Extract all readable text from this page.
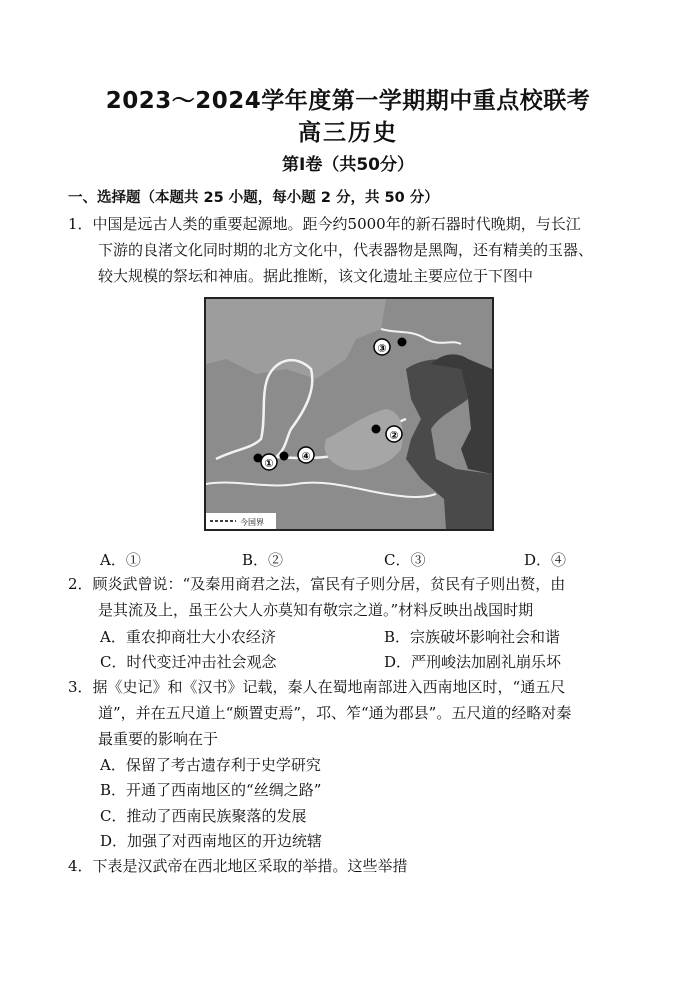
2023～2024学年度第一学期期中重点校联考
高三历史
第Ⅰ卷（共50分）
一、选择题（本题共 25 小题，每小题 2 分，共 50 分）
1．中国是远古人类的重要起源地。距今约5000年的新石器时代晚期，与长江
下游的良渚文化同时期的北方文化中，代表器物是黑陶，还有精美的玉器、
较大规模的祭坛和神庙。据此推断，该文化遗址主要应位于下图中
③
②
①
④
今国界
A．①	B．②	C．③	D．④
2．顾炎武曾说：“及秦用商君之法，富民有子则分居，贫民有子则出赘，由
是其流及上，虽王公大人亦莫知有敬宗之道。”材料反映出战国时期
A．重农抑商壮大小农经济	B．宗族破坏影响社会和谐
C．时代变迁冲击社会观念	D．严刑峻法加剧礼崩乐坏
3．据《史记》和《汉书》记载，秦人在蜀地南部进入西南地区时，“通五尺
道”，并在五尺道上“颇置吏焉”，邛、笮“通为郡县”。五尺道的经略对秦
最重要的影响在于
A．保留了考古遗存利于史学研究
B．开通了西南地区的“丝绸之路”
C．推动了西南民族聚落的发展
D．加强了对西南地区的开边统辖
4．下表是汉武帝在西北地区采取的举措。这些举措
